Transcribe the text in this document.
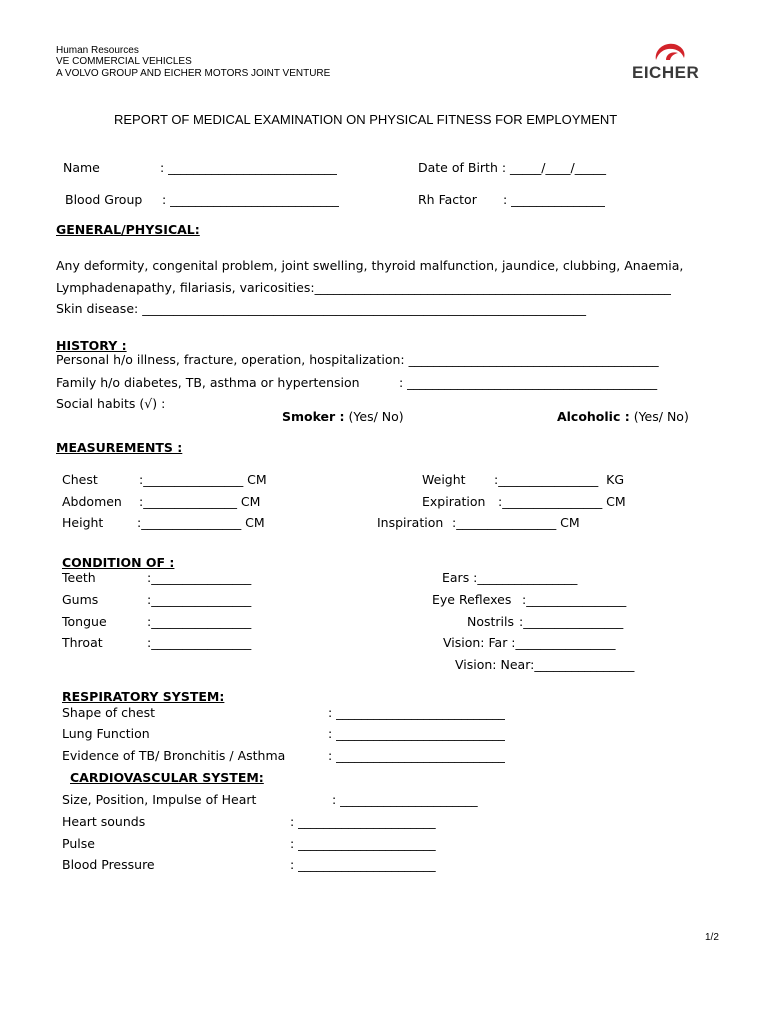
Human Resources
VE COMMERCIAL VEHICLES
A VOLVO GROUP AND EICHER MOTORS JOINT VENTURE

	EICHER

REPORT OF MEDICAL EXAMINATION ON PHYSICAL FITNESS FOR EMPLOYMENT
Name	: ___________________________	Date of Birth : _____/____/_____
Blood Group : ___________________________	Rh Factor : _______________
GENERAL/PHYSICAL:
Any deformity, congenital problem, joint swelling, thyroid malfunction, jaundice, clubbing, Anaemia,
Lymphadenapathy, filariasis, varicosities:_________________________________________________________
Skin disease: _______________________________________________________________________
HISTORY :
Personal h/o illness, fracture, operation, hospitalization: ________________________________________
Family h/o diabetes, TB, asthma or hypertension	: ________________________________________
Social habits (√) :

Smoker : (Yes/ No)	Alcoholic : (Yes/ No)

MEASUREMENTS :
Chest	:________________ CM
Abdomen :_______________ CM
Height	:________________ CM
Weight :________________  KG
Expiration :________________ CM
Inspiration :________________ CM
CONDITION OF :
Teeth	:________________
Gums	:________________
Tongue	:________________
Throat	:________________
Ears :________________
Eye Reflexes :________________
Nostrils :________________
Vision: Far :________________
Vision: Near:________________
RESPIRATORY SYSTEM:
Shape of chest	: ___________________________
Lung Function	: ___________________________
Evidence of TB/ Bronchitis / Asthma	: ___________________________
CARDIOVASCULAR SYSTEM:
Size, Position, Impulse of Heart	: ______________________
Heart sounds	: ______________________
Pulse	: ______________________
Blood Pressure	: ______________________
1/2
